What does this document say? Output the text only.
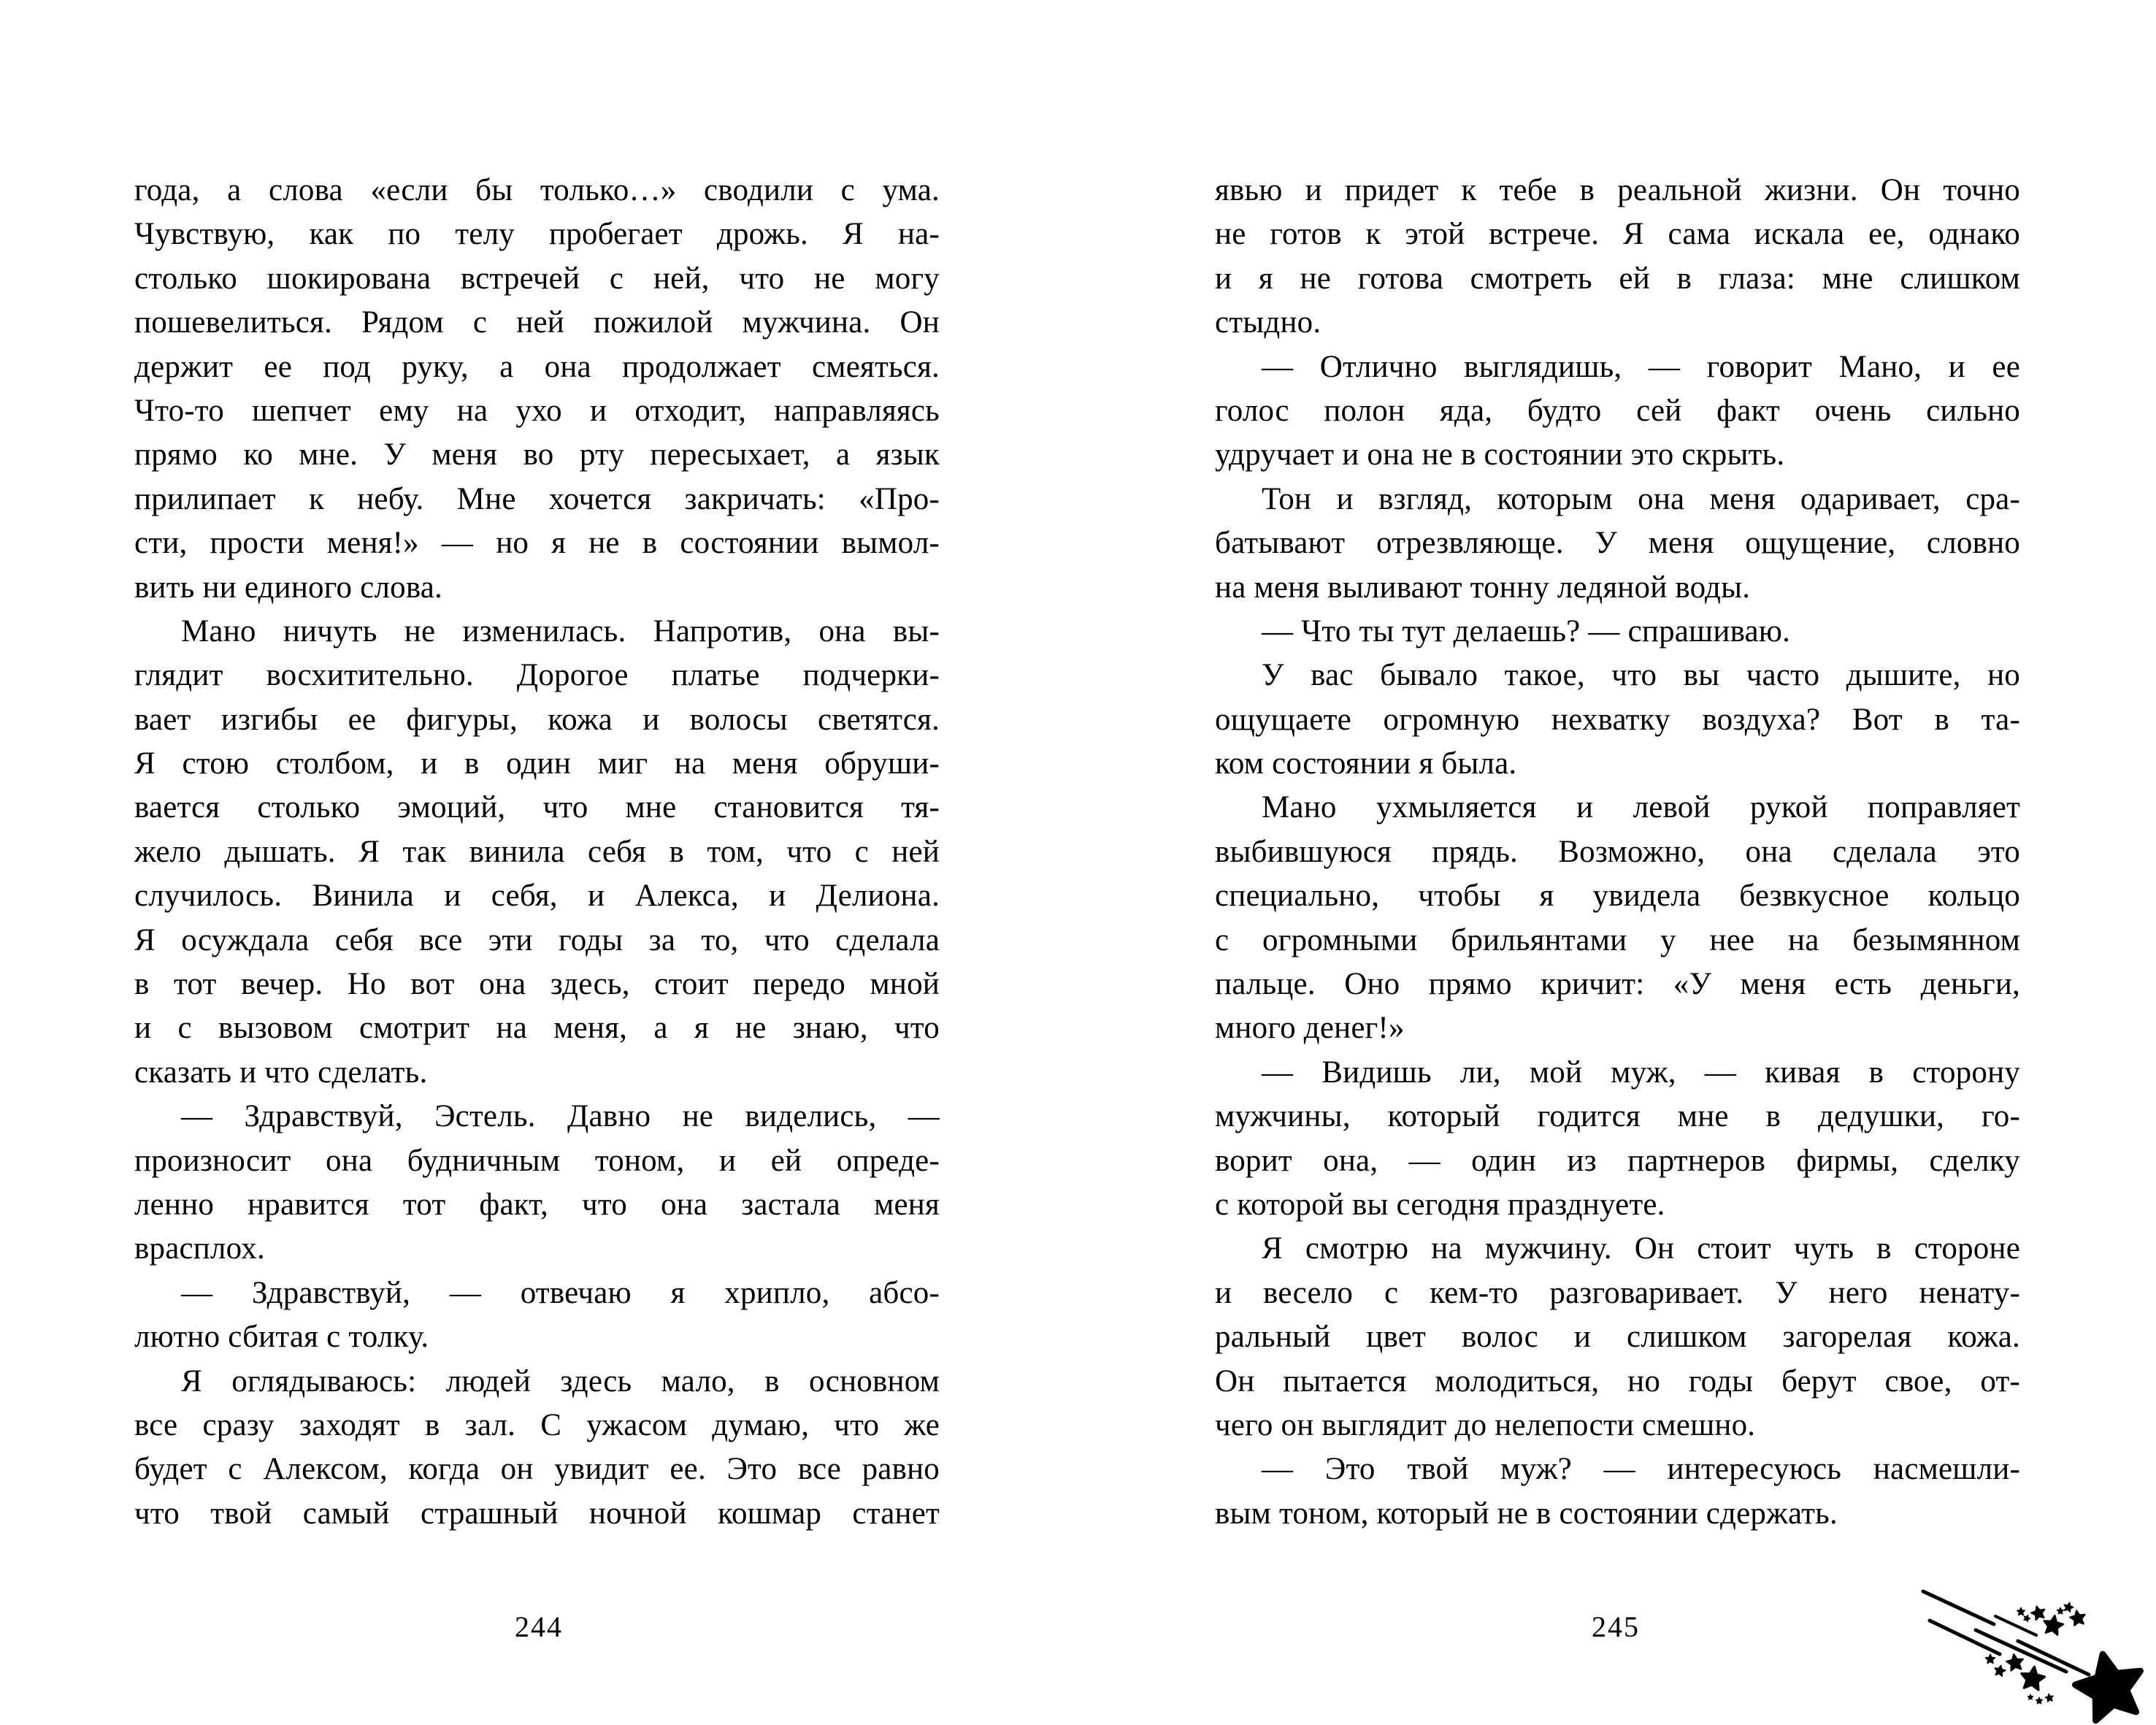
года, а слова «если бы только…» сводили с ума.
Чувствую, как по телу пробегает дрожь. Я на-
столько шокирована встречей с ней, что не могу
пошевелиться. Рядом с ней пожилой мужчина. Он
держит ее под руку, а она продолжает смеяться.
Что-то шепчет ему на ухо и отходит, направляясь
прямо ко мне. У меня во рту пересыхает, а язык
прилипает к небу. Мне хочется закричать: «Про-
сти, прости меня!» — но я не в состоянии вымол-
вить ни единого слова.
Мано ничуть не изменилась. Напротив, она вы-
глядит восхитительно. Дорогое платье подчерки-
вает изгибы ее фигуры, кожа и волосы светятся.
Я стою столбом, и в один миг на меня обруши-
вается столько эмоций, что мне становится тя-
жело дышать. Я так винила себя в том, что с ней
случилось. Винила и себя, и Алекса, и Делиона.
Я осуждала себя все эти годы за то, что сделала
в тот вечер. Но вот она здесь, стоит передо мной
и с вызовом смотрит на меня, а я не знаю, что
сказать и что сделать.
— Здравствуй, Эстель. Давно не виделись, —
произносит она будничным тоном, и ей опреде-
ленно нравится тот факт, что она застала меня
врасплох.
— Здравствуй, — отвечаю я хрипло, абсо-
лютно сбитая с толку.
Я оглядываюсь: людей здесь мало, в основном
все сразу заходят в зал. С ужасом думаю, что же
будет с Алексом, когда он увидит ее. Это все равно
что твой самый страшный ночной кошмар станет
244
явью и придет к тебе в реальной жизни. Он точно
не готов к этой встрече. Я сама искала ее, однако
и я не готова смотреть ей в глаза: мне слишком
стыдно.
— Отлично выглядишь, — говорит Мано, и ее
голос полон яда, будто сей факт очень сильно
удручает и она не в состоянии это скрыть.
Тон и взгляд, которым она меня одаривает, сра-
батывают отрезвляюще. У меня ощущение, словно
на меня выливают тонну ледяной воды.
— Что ты тут делаешь? — спрашиваю.
У вас бывало такое, что вы часто дышите, но
ощущаете огромную нехватку воздуха? Вот в та-
ком состоянии я была.
Мано ухмыляется и левой рукой поправляет
выбившуюся прядь. Возможно, она сделала это
специально, чтобы я увидела безвкусное кольцо
с огромными брильянтами у нее на безымянном
пальце. Оно прямо кричит: «У меня есть деньги,
много денег!»
— Видишь ли, мой муж, — кивая в сторону
мужчины, который годится мне в дедушки, го-
ворит она, — один из партнеров фирмы, сделку
с которой вы сегодня празднуете.
Я смотрю на мужчину. Он стоит чуть в стороне
и весело с кем-то разговаривает. У него ненату-
ральный цвет волос и слишком загорелая кожа.
Он пытается молодиться, но годы берут свое, от-
чего он выглядит до нелепости смешно.
— Это твой муж? — интересуюсь насмешли-
вым тоном, который не в состоянии сдержать.
245
